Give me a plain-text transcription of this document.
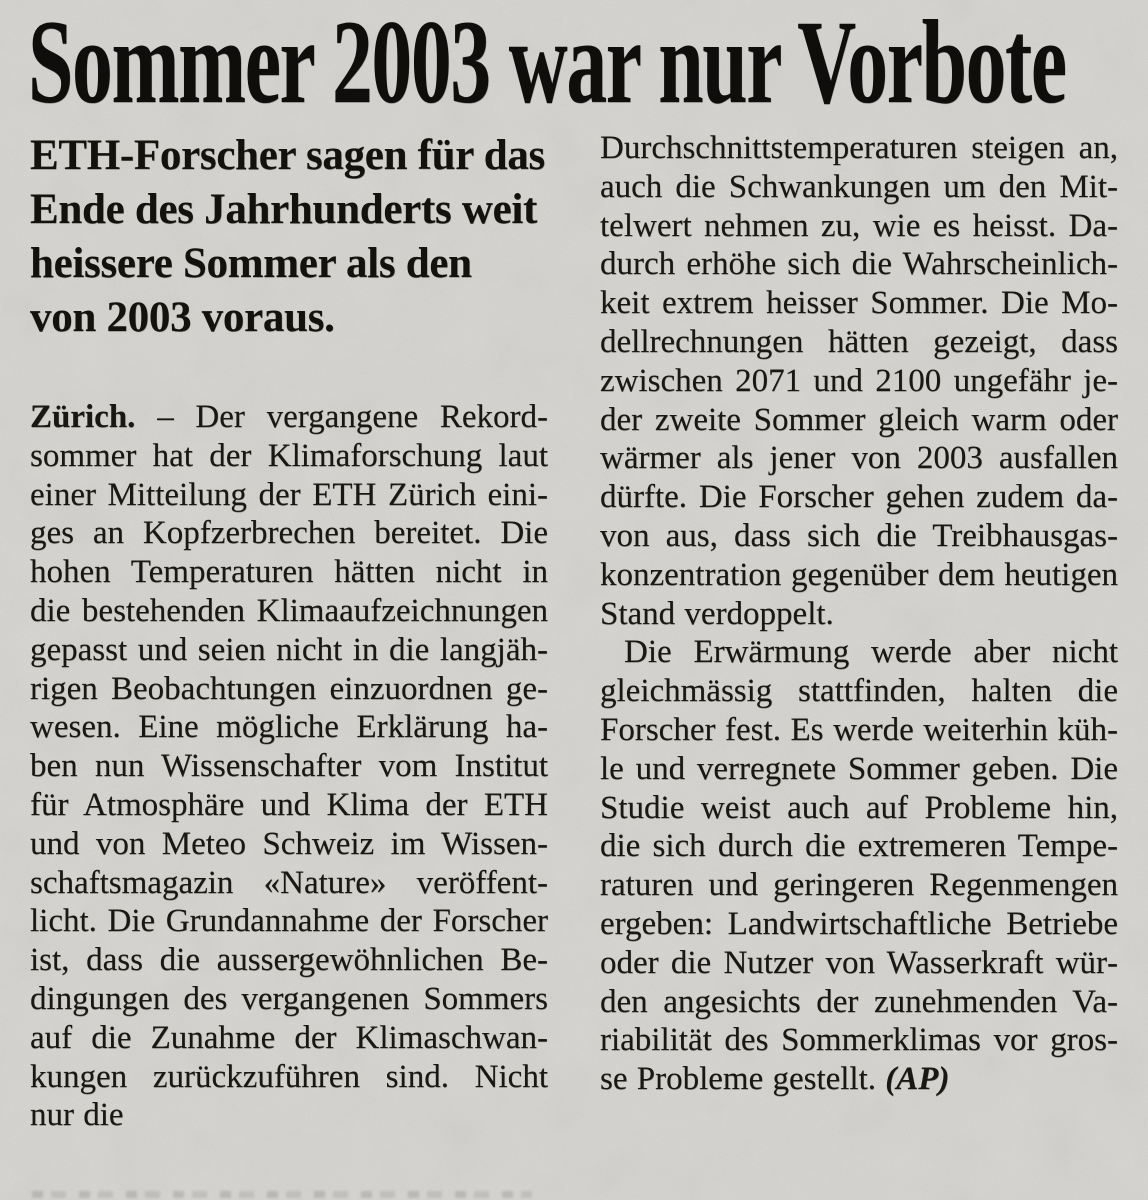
Sommer 2003 war nur Vorbote

ETH-Forscher sagen für das Ende des Jahrhunderts weit heissere Sommer als den von 2003 voraus.

Zürich. – Der vergangene Rekordsommer hat der Klimaforschung laut einer Mitteilung der ETH Zürich einiges an Kopfzerbrechen bereitet. Die hohen Temperaturen hätten nicht in die bestehenden Klimaaufzeichnungen gepasst und seien nicht in die langjährigen Beobachtungen einzuordnen gewesen. Eine mögliche Erklärung haben nun Wissenschafter vom Institut für Atmosphäre und Klima der ETH und von Meteo Schweiz im Wissenschaftsmagazin «Nature» veröffentlicht. Die Grundannahme der Forscher ist, dass die aussergewöhnlichen Bedingungen des vergangenen Sommers auf die Zunahme der Klimaschwankungen zurückzuführen sind. Nicht nur die

Durchschnittstemperaturen steigen an, auch die Schwankungen um den Mittelwert nehmen zu, wie es heisst. Dadurch erhöhe sich die Wahrscheinlichkeit extrem heisser Sommer. Die Modellrechnungen hätten gezeigt, dass zwischen 2071 und 2100 ungefähr jeder zweite Sommer gleich warm oder wärmer als jener von 2003 ausfallen dürfte. Die Forscher gehen zudem davon aus, dass sich die Treibhausgaskonzentration gegenüber dem heutigen Stand verdoppelt.

Die Erwärmung werde aber nicht gleichmässig stattfinden, halten die Forscher fest. Es werde weiterhin kühle und verregnete Sommer geben. Die Studie weist auch auf Probleme hin, die sich durch die extremeren Temperaturen und geringeren Regenmengen ergeben: Landwirtschaftliche Betriebe oder die Nutzer von Wasserkraft würden angesichts der zunehmenden Variabilität des Sommerklimas vor grosse Probleme gestellt. (AP)
